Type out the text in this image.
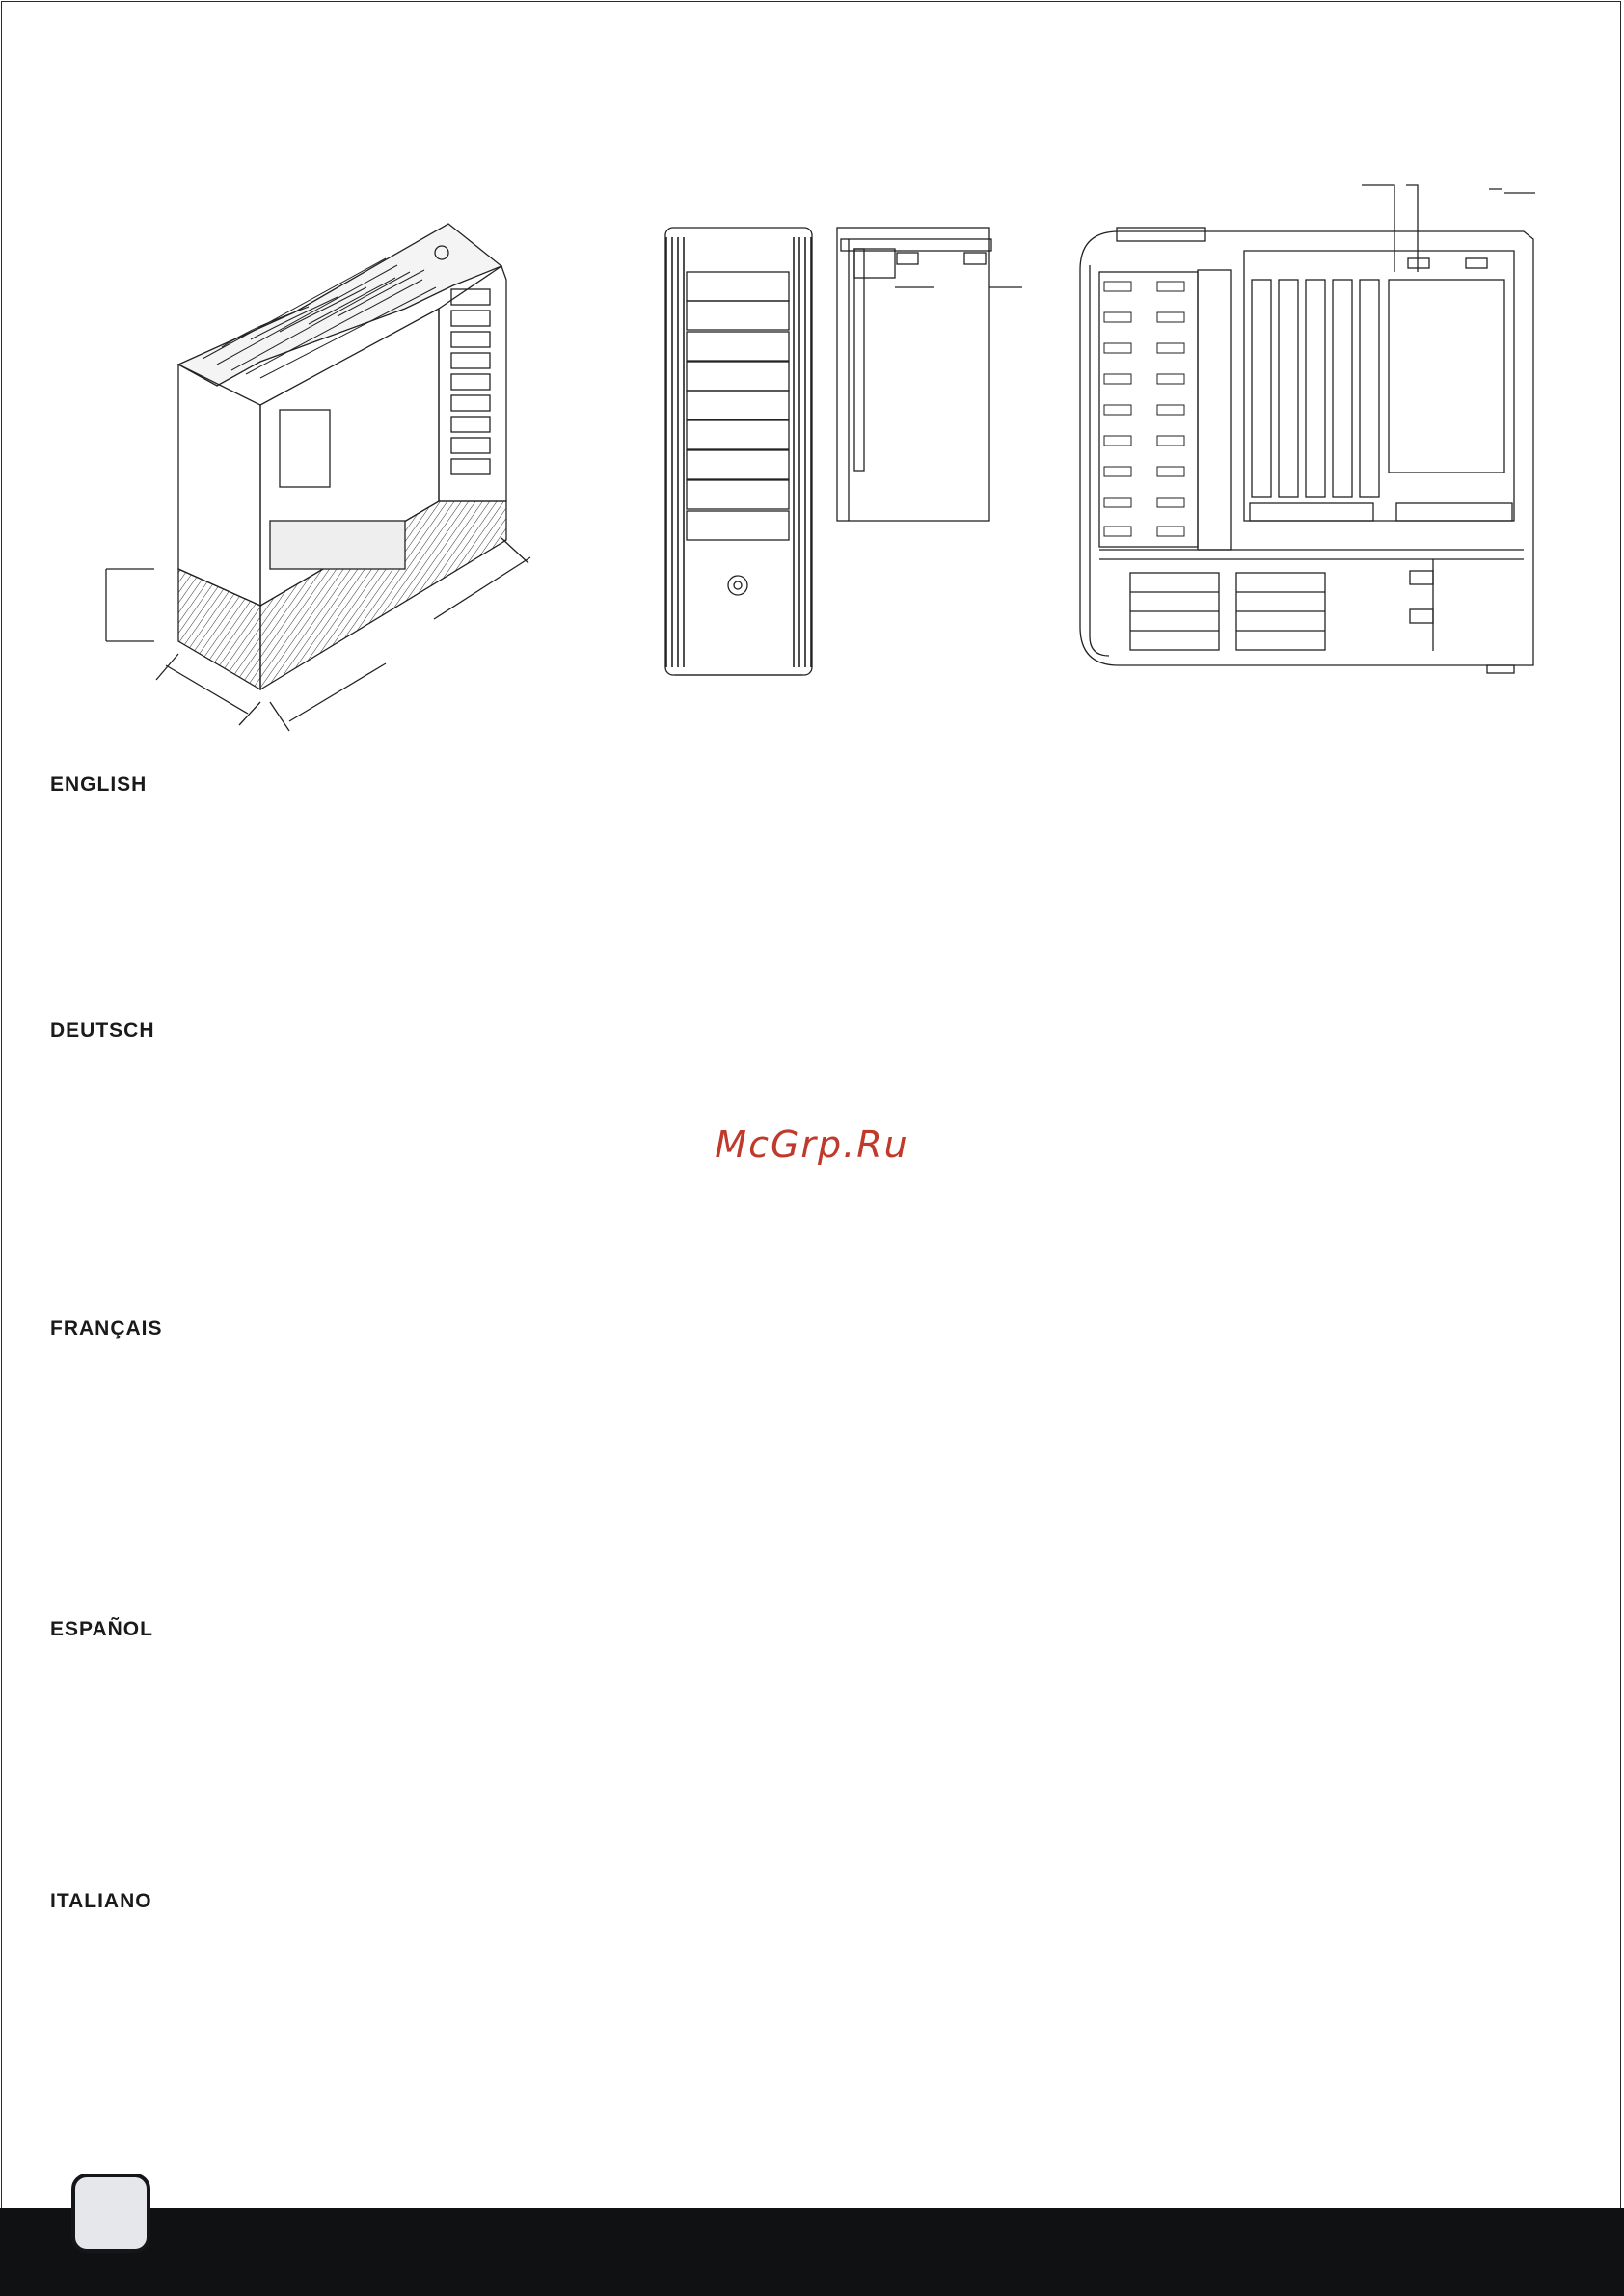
ENGLISH
DEUTSCH

McGrp.Ru

FRANÇAIS
ESPAÑOL
ITALIANO
